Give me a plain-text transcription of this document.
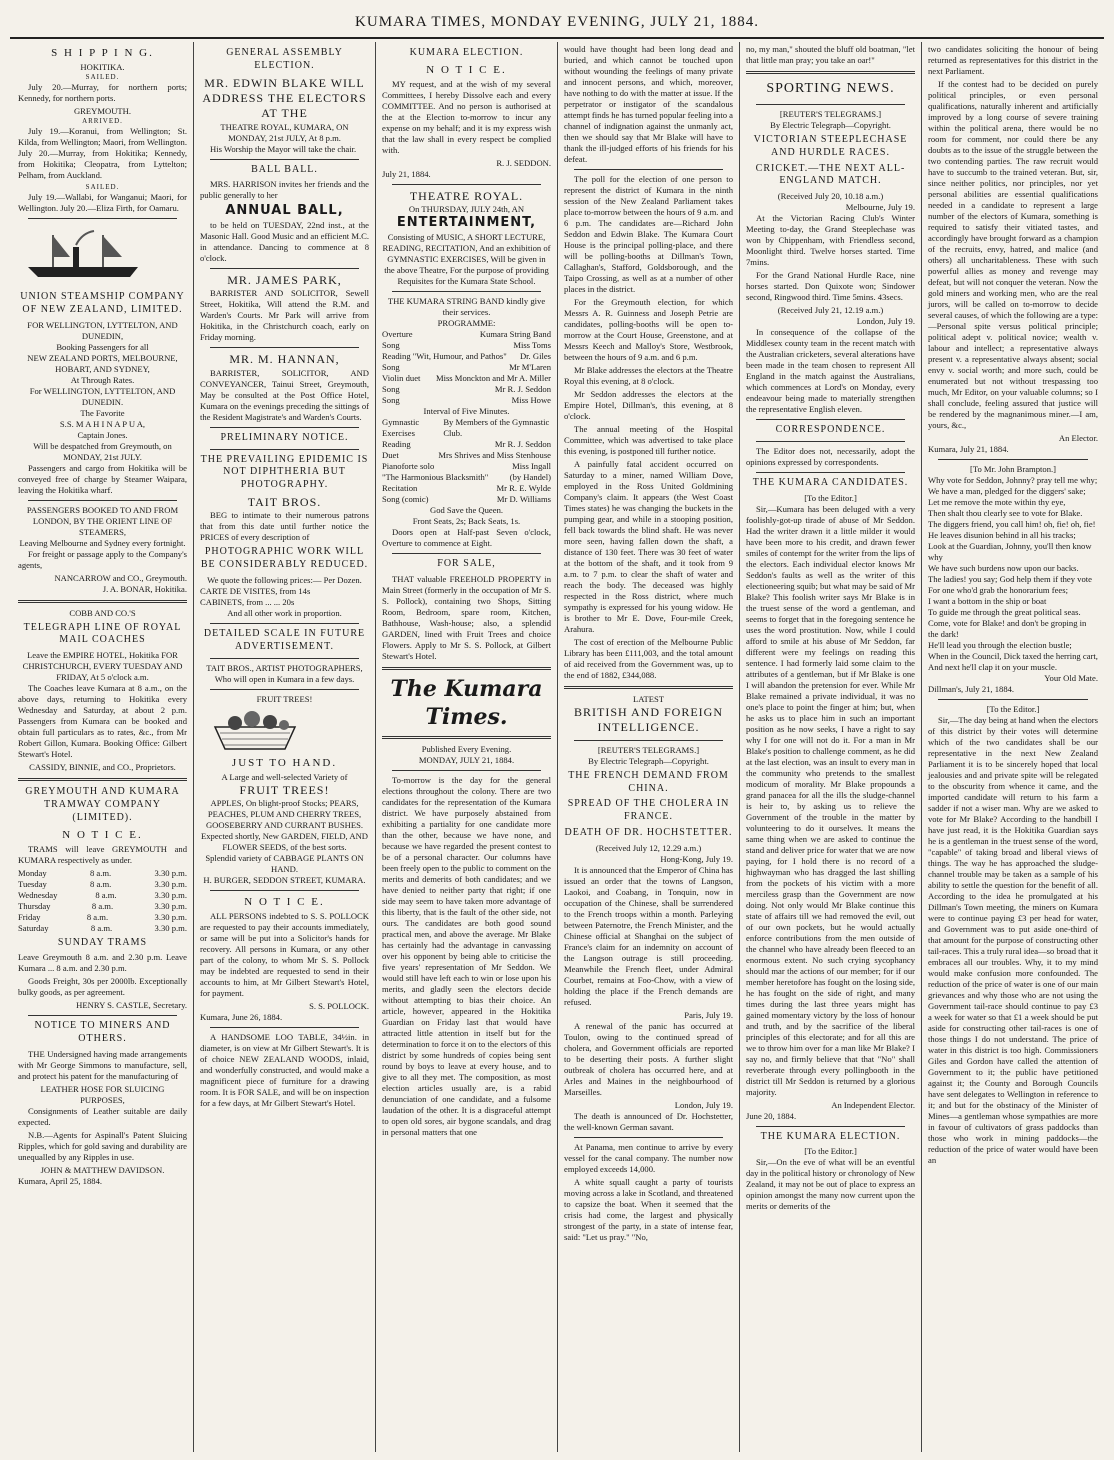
KUMARA TIMES, MONDAY EVENING, JULY 21, 1884.
S H I P P I N G.
HOKITIKA.
SAILED.

July 20.—Murray, for northern ports; Kennedy, for northern ports.

GREYMOUTH.
ARRIVED.

July 19.—Koranui, from Wellington; St. Kilda, from Wellington; Maori, from Wellington. July 20.—Murray, from Hokitika; Kennedy, from Hokitika; Cleopatra, from Lyttelton; Pelham, from Auckland.

SAILED.

July 19.—Wallabi, for Wanganui; Maori, for Wellington. July 20.—Eliza Firth, for Oamaru.

UNION STEAMSHIP COMPANY OF NEW ZEALAND, LIMITED.
FOR WELLINGTON, LYTTELTON, AND DUNEDIN,
Booking Passengers for all
NEW ZEALAND PORTS, MELBOURNE, HOBART, AND SYDNEY,
At Through Rates.
For WELLINGTON, LYTTELTON, AND DUNEDIN.
The Favorite
S.S. M A H I N A P U A,
Captain Jones.
Will be despatched from Greymouth, on
MONDAY, 21st JULY.

Passengers and cargo from Hokitika will be conveyed free of charge by Steamer Waipara, leaving the Hokitika wharf.

PASSENGERS BOOKED TO AND FROM
LONDON, BY THE ORIENT LINE OF STEAMERS,
Leaving Melbourne and Sydney every fortnight.

For freight or passage apply to the Company's agents,

NANCARROW and CO., Greymouth.
J. A. BONAR, Hokitika.
COBB AND CO.'S
TELEGRAPH LINE OF ROYAL MAIL COACHES
Leave the EMPIRE HOTEL, Hokitika FOR CHRISTCHURCH, EVERY TUESDAY AND FRIDAY, At 5 o'clock a.m.

The Coaches leave Kumara at 8 a.m., on the above days, returning to Hokitika every Wednesday and Saturday, at about 2 p.m. Passengers from Kumara can be booked and obtain full particulars as to rates, &c., from Mr Robert Gillon, Kumara. Booking Office: Gilbert Stewart's Hotel.

CASSIDY, BINNIE, and CO., Proprietors.
GREYMOUTH AND KUMARA TRAMWAY COMPANY (LIMITED).
N O T I C E.

TRAMS will leave GREYMOUTH and KUMARA respectively as under.

Monday	8 a.m.	3.30 p.m.
Tuesday	8 a.m.	3.30 p.m.
Wednesday	8 a.m.	3.30 p.m.
Thursday	8 a.m.	3.30 p.m.
Friday	8 a.m.	3.30 p.m.
Saturday	8 a.m.	3.30 p.m.
SUNDAY TRAMS

Leave Greymouth 8 a.m. and 2.30 p.m. Leave Kumara ... 8 a.m. and 2.30 p.m.

Goods Freight, 30s per 2000lb. Exceptionally bulky goods, as per agreement.

HENRY S. CASTLE, Secretary.
NOTICE TO MINERS AND OTHERS.

THE Undersigned having made arrangements with Mr George Simmons to manufacture, sell, and protect his patent for the manufacturing of

LEATHER HOSE FOR SLUICING PURPOSES,

Consignments of Leather suitable are daily expected.

N.B.—Agents for Aspinall's Patent Sluicing Ripples, which for gold saving and durability are unequalled by any Ripples in use.

JOHN & MATTHEW DAVIDSON.
Kumara, April 25, 1884.
GENERAL ASSEMBLY ELECTION.
MR. EDWIN BLAKE WILL ADDRESS THE ELECTORS AT THE
THEATRE ROYAL, KUMARA, ON MONDAY, 21st JULY, At 8 p.m.

His Worship the Mayor will take the chair.

BALL BALL.

MRS. HARRISON invites her friends and the public generally to her

ANNUAL BALL,

to be held on TUESDAY, 22nd inst., at the Masonic Hall. Good Music and an efficient M.C. in attendance. Dancing to commence at 8 o'clock.

MR. JAMES PARK,

BARRISTER AND SOLICITOR, Sewell Street, Hokitika, Will attend the R.M. and Warden's Courts. Mr Park will arrive from Hokitika, in the Christchurch coach, early on Friday morning.

MR. M. HANNAN,

BARRISTER, SOLICITOR, AND CONVEYANCER, Tainui Street, Greymouth, May be consulted at the Post Office Hotel, Kumara on the evenings preceding the sittings of the Resident Magistrate's and Warden's Courts.

PRELIMINARY NOTICE.
THE PREVAILING EPIDEMIC IS NOT DIPHTHERIA BUT PHOTOGRAPHY.
TAIT BROS.

BEG to intimate to their numerous patrons that from this date until further notice the PRICES of every description of

PHOTOGRAPHIC WORK WILL BE CONSIDERABLY REDUCED.
We quote the following prices:— Per Dozen.
CARTE DE VISITES, from 14s
CABINETS, from ... ... 20s
And all other work in proportion.
DETAILED SCALE IN FUTURE ADVERTISEMENT.
TAIT BROS., ARTIST PHOTOGRAPHERS, Who will open in Kumara in a few days.
FRUIT TREES!
JUST TO HAND.
A Large and well-selected Variety of
FRUIT TREES!
APPLES, On blight-proof Stocks; PEARS, PEACHES, PLUM AND CHERRY TREES, GOOSEBERRY AND CURRANT BUSHES. Expected shortly, New GARDEN, FIELD, AND FLOWER SEEDS, of the best sorts.
Splendid variety of CABBAGE PLANTS ON HAND.
H. BURGER, SEDDON STREET, KUMARA.
N O T I C E.

ALL PERSONS indebted to S. S. POLLOCK are requested to pay their accounts immediately, or same will be put into a Solicitor's hands for recovery. All persons in Kumara, or any other part of the colony, to whom Mr S. S. Pollock may be indebted are requested to send in their accounts to him, at Mr Gilbert Stewart's Hotel, for payment.

S. S. POLLOCK.
Kumara, June 26, 1884.

A HANDSOME LOO TABLE, 34½in. in diameter, is on view at Mr Gilbert Stewart's. It is of choice NEW ZEALAND WOODS, inlaid, and wonderfully constructed, and would make a magnificent piece of furniture for a drawing room. It is FOR SALE, and will be on inspection for a few days, at Mr Gilbert Stewart's Hotel.

KUMARA ELECTION.
N O T I C E.

MY request, and at the wish of my several Committees, I hereby Dissolve each and every COMMITTEE. And no person is authorised at the at the Election to-morrow to incur any expense on my behalf; and it is my express wish that the law shall in every respect be complied with.

R. J. SEDDON.
July 21, 1884.
THEATRE ROYAL.
On THURSDAY, JULY 24th, AN
ENTERTAINMENT,
Consisting of MUSIC, A SHORT LECTURE, READING, RECITATION, And an exhibition of GYMNASTIC EXERCISES, Will be given in the above Theatre, For the purpose of providing Requisites for the Kumara State School.
THE KUMARA STRING BAND kindly give their services.
PROGRAMME:
Overture	Kumara String Band
Song	Miss Toms
Reading "Wit, Humour, and Pathos" Dr. Giles
Song	Mr M'Laren
Violin duet Miss Monckton and Mr A. Miller
Song	Mr R. J. Seddon
Song	Miss Howe
Interval of Five Minutes.
Gymnastic Exercises
By Members of the Gymnastic Club.
Reading	Mr R. J. Seddon
Duet	Mrs Shrives and Miss Stenhouse
Pianoforte solo	Miss Ingall
"The Harmonious Blacksmith" (by Handel)
Recitation	Mr R. E. Wylde
Song (comic)	Mr D. Williams
God Save the Queen.
Front Seats, 2s; Back Seats, 1s.

Doors open at Half-past Seven o'clock, Overture to commence at Eight.

FOR SALE,

THAT valuable FREEHOLD PROPERTY in Main Street (formerly in the occupation of Mr S. S. Pollock), containing two Shops, Sitting Room, Bedroom, spare room, Kitchen, Bathhouse, Wash-house; also, a splendid GARDEN, lined with Fruit Trees and choice Flowers. Apply to Mr S. S. Pollock, at Gilbert Stewart's Hotel.

The Kumara Times.
Published Every Evening.
MONDAY, JULY 21, 1884.

To-morrow is the day for the general elections throughout the colony. There are two candidates for the representation of the Kumara district. We have purposely abstained from exhibiting a partiality for one candidate more than the other, because we have none, and because we have regarded the present contest to be of a personal character. Our columns have been freely open to the public to comment on the merits and demerits of both candidates; and we have denied to neither party that right; if one side may seem to have taken more advantage of this liberty, that is the fault of the other side, not ours. The candidates are both good sound practical men, and above the average. Mr Blake has certainly had the advantage in canvassing over his opponent by being able to criticise the five years' representation of Mr Seddon. We would still have left each to win or lose upon his merits, and gladly seen the electors decide without attempting to bias their choice. An article, however, appeared in the Hokitika Guardian on Friday last that would have attracted little attention in itself but for the determination to force it on to the electors of this district by some hundreds of copies being sent round by boys to leave at every house, and to give to all they met. The composition, as most election articles usually are, is a rabid denunciation of one candidate, and a fulsome laudation of the other. It is a disgraceful attempt to open old sores, air bygone scandals, and drag in personal matters that one

would have thought had been long dead and buried, and which cannot be touched upon without wounding the feelings of many private and innocent persons, and which, moreover, have nothing to do with the matter at issue. If the perpetrator or instigator of the scandalous attempt finds he has turned popular feeling into a channel of indignation against the unmanly act, then we should say that Mr Blake will have to thank the ill-judged efforts of his friends for his defeat.

The poll for the election of one person to represent the district of Kumara in the ninth session of the New Zealand Parliament takes place to-morrow between the hours of 9 a.m. and 6 p.m. The candidates are—Richard John Seddon and Edwin Blake. The Kumara Court House is the principal polling-place, and there will be polling-booths at Dillman's Town, Callaghan's, Stafford, Goldsborough, and the Taipo Crossing, as well as at a number of other places in the district.

For the Greymouth election, for which Messrs A. R. Guinness and Joseph Petrie are candidates, polling-booths will be open to-morrow at the Court House, Greenstone, and at Messrs Keech and Malloy's Store, Westbrook, between the hours of 9 a.m. and 6 p.m.

Mr Blake addresses the electors at the Theatre Royal this evening, at 8 o'clock.

Mr Seddon addresses the electors at the Empire Hotel, Dillman's, this evening, at 8 o'clock.

The annual meeting of the Hospital Committee, which was advertised to take place this evening, is postponed till further notice.

A painfully fatal accident occurred on Saturday to a miner, named William Dove, employed in the Ross United Goldmining Company's claim. It appears (the West Coast Times states) he was changing the buckets in the pumping gear, and while in a stooping position, fell back towards the blind shaft. He was never more seen, having fallen down the shaft, a distance of 130 feet. There was 30 feet of water at the bottom of the shaft, and it took from 9 a.m. to 7 p.m. to clear the shaft of water and reach the body. The deceased was highly respected in the Ross district, where much sympathy is expressed for his young widow. He is brother to Mr E. Dove, Four-mile Creek, Arahura.

The cost of erection of the Melbourne Public Library has been £111,003, and the total amount of aid received from the Government was, up to the end of 1882, £344,088.

LATEST
BRITISH AND FOREIGN INTELLIGENCE.
[REUTER'S TELEGRAMS.]
By Electric Telegraph—Copyright.
THE FRENCH DEMAND FROM CHINA.
SPREAD OF THE CHOLERA IN FRANCE.
DEATH OF DR. HOCHSTETTER.
(Received July 12, 12.29 a.m.)
Hong-Kong, July 19.

It is announced that the Emperor of China has issued an order that the towns of Langson, Laokoi, and Coabang, in Tonquin, now in occupation of the Chinese, shall be surrendered to the French troops within a month. Parleying between Paternotre, the French Minister, and the Chinese official at Shanghai on the subject of France's claim for an indemnity on account of the Langson outrage is still proceeding. Meanwhile the French fleet, under Admiral Courbet, remains at Foo-Chow, with a view of holding the place if the French demands are refused.

Paris, July 19.

A renewal of the panic has occurred at Toulon, owing to the continued spread of cholera, and Government officials are reported to be deserting their posts. A further slight outbreak of cholera has occurred here, and at Arles and Maines in the neighbourhood of Marseilles.

London, July 19.

The death is announced of Dr. Hochstetter, the well-known German savant.

At Panama, men continue to arrive by every vessel for the canal company. The number now employed exceeds 14,000.

A white squall caught a party of tourists moving across a lake in Scotland, and threatened to capsize the boat. When it seemed that the crisis had come, the largest and physically strongest of the party, in a state of intense fear, said: "Let us pray." "No,

no, my man," shouted the bluff old boatman, "let that little man pray; you take an oar!"

SPORTING NEWS.
[REUTER'S TELEGRAMS.]
By Electric Telegraph—Copyright.
VICTORIAN STEEPLECHASE AND HURDLE RACES.
CRICKET.—THE NEXT ALL-ENGLAND MATCH.
(Received July 20, 10.18 a.m.)
Melbourne, July 19.

At the Victorian Racing Club's Winter Meeting to-day, the Grand Steeplechase was won by Chippenham, with Friendless second, Moonlight third. Twelve horses started. Time 7mins.

For the Grand National Hurdle Race, nine horses started. Don Quixote won; Sindower second, Ringwood third. Time 5mins. 43secs.

(Received July 21, 12.19 a.m.)
London, July 19.

In consequence of the collapse of the Middlesex county team in the recent match with the Australian cricketers, several alterations have been made in the team chosen to represent All England in the match against the Australians, which commences at Lord's on Monday, every endeavour being made to materially strengthen the representative English eleven.

CORRESPONDENCE.

The Editor does not, necessarily, adopt the opinions expressed by correspondents.

THE KUMARA CANDIDATES.
[To the Editor.]

Sir,—Kumara has been deluged with a very foolishly-got-up tirade of abuse of Mr Seddon. Had the writer drawn it a little milder it would have been more to his credit, and drawn fewer smiles of contempt for the writer from the lips of the electors. Each individual elector knows Mr Seddon's faults as well as the writer of this electioneering squib; but what may be said of Mr Blake? This foolish writer says Mr Blake is in the truest sense of the word a gentleman, and seems to forget that in the foregoing sentence he uses the word prostitution. Now, while I could afford to smile at his abuse of Mr Seddon, far different were my feelings on reading this sentence. I had formerly laid some claim to the attributes of a gentleman, but if Mr Blake is one I will abandon the pretension for ever. While Mr Blake remained a private individual, it was no one's place to point the finger at him; but, when he asks us to place him in such an important position as he now seeks, I have a right to say why I for one will not do it. For a man in Mr Blake's position to challenge comment, as he did at the last election, was an insult to every man in the community who pretends to the smallest modicum of morality. Mr Blake propounds a grand panacea for all the ills the sludge-channel is heir to, by asking us to relieve the Government of the trouble in the matter by volunteering to do it ourselves. It means the same thing when we are asked to continue the stand and deliver price for water that we are now paying, for I hold there is no record of a highwayman who has dragged the last shilling from the pockets of his victim with a more merciless grasp than the Government are now doing. Not only would Mr Blake continue this state of affairs till we had removed the evil, out of our own pockets, but he would actually enforce contributions from the men outside of the channel who have already been fleeced to an enormous extent. No such crying sycophancy should mar the actions of our member; for if our member heretofore has fought on the losing side, he has fought on the side of right, and many times during the last three years might has gained momentary victory by the loss of honour and truth, and by the sacrifice of the liberal principles of this electorate; and for all this are we to throw him over for a man like Mr Blake? I say no, and firmly believe that that "No" shall reverberate through every pollingbooth in the district till Mr Seddon is returned by a glorious majority.

An Independent Elector.
June 20, 1884.
THE KUMARA ELECTION.
[To the Editor.]

Sir,—On the eve of what will be an eventful day in the political history or chronology of New Zealand, it may not be out of place to express an opinion amongst the many now current upon the merits or demerits of the

two candidates soliciting the honour of being returned as representatives for this district in the next Parliament.

If the contest had to be decided on purely political principles, or even personal qualifications, naturally inherent and artificially improved by a long course of severe training within the political arena, there would be no room for comment, nor could there be any doubts as to the issue of the struggle between the two contending parties. The raw recruit would have to succumb to the trained veteran. But, sir, since neither politics, nor principles, nor yet personal abilities are essential qualifications needed in a candidate to represent a large number of the electors of Kumara, something is required to satisfy their vitiated tastes, and accordingly have brought forward as a champion of the recruits, envy, hatred, and malice (and others) all uncharitableness. These with such powerful allies as money and revenge may defeat, but will not conquer the veteran. Now the gold miners and working men, who are the real jurors, will be called on to-morrow to decide several causes, of which the following are a type:—Personal spite versus political principle; political adept v. political novice; wealth v. labour and intellect; a representative always present v. a representative always absent; social envy v. social worth; and more such, could be enumerated but not without trespassing too much, Mr Editor, on your valuable columns; so I shall conclude, feeling assured that justice will be rendered by the magnanimous miner.—I am, yours, &c.,

An Elector.
Kumara, July 21, 1884.
[To Mr. John Brampton.]
Why vote for Seddon, Johnny? pray tell me why;
We have a man, pledged for the diggers' sake;
Let me remove the mote within thy eye,
Then shalt thou clearly see to vote for Blake.
The diggers friend, you call him! oh, fie! oh, fie!
He leaves disunion behind in all his tracks;
Look at the Guardian, Johnny, you'll then know why
We have such burdens now upon our backs.
The ladies! you say; God help them if they vote
For one who'd grab the honorarium fees;
I want a bottom in the ship or boat
To guide me through the great political seas.
Come, vote for Blake! and don't be groping in the dark!
He'll lead you through the election bustle;
When in the Council, Dick taxed the herring cart,
And next he'll clap it on your muscle.
Your Old Mate.
Dillman's, July 21, 1884.
[To the Editor.]

Sir,—The day being at hand when the electors of this district by their votes will determine which of the two candidates shall be our representative in the next New Zealand Parliament it is to be sincerely hoped that local jealousies and and private spite will be relegated to the obscurity from whence it came, and the imported candidate will return to his farm a sadder if not a wiser man. Why are we asked to vote for Mr Blake? According to the handbill I have just read, it is the Hokitika Guardian says he is a gentleman in the truest sense of the word, "capable" of taking broad and liberal views of things. The way he has approached the sludge-channel trouble may be taken as a sample of his ability to settle the question for the benefit of all. According to the idea he promulgated at his Dillman's Town meeting, the miners on Kumara were to continue paying £3 per head for water, and Government was to put aside one-third of that amount for the purpose of constructing other tail-races. This a truly rural idea—so broad that it embraces all our troubles. Why, it to my mind would make confusion more confounded. The reduction of the price of water is one of our main grievances and why those who are not using the Government tail-race should continue to pay £3 a week for water so that £1 a week should be put aside for constructing other tail-races is one of those things I do not understand. The price of water in this district is too high. Commissioners Giles and Gordon have called the attention of Government to it; the public have petitioned against it; the County and Borough Councils have sent delegates to Wellington in reference to it; and but for the obstinacy of the Minister of Mines—a gentleman whose sympathies are more in favour of cultivators of grass paddocks than those who work in mining paddocks—the reduction of the price of water would have been an
